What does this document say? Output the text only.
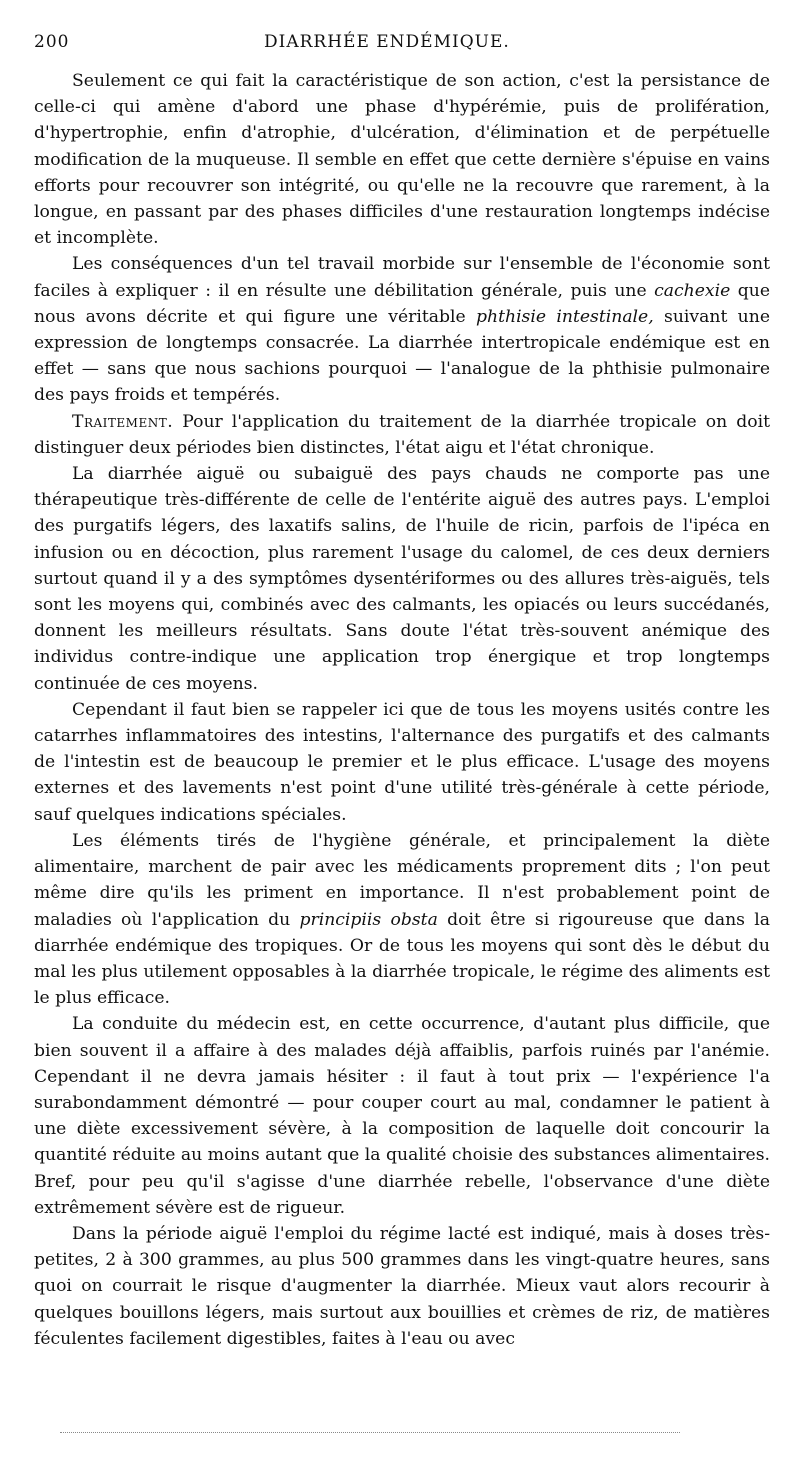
200	DIARRHÉE ENDÉMIQUE.

Seulement ce qui fait la caractéristique de son action, c'est la persistance de celle-ci qui amène d'abord une phase d'hypérémie, puis de prolifération, d'hypertrophie, enfin d'atrophie, d'ulcération, d'élimination et de perpétuelle modification de la muqueuse. Il semble en effet que cette dernière s'épuise en vains efforts pour recouvrer son intégrité, ou qu'elle ne la recouvre que rarement, à la longue, en passant par des phases difficiles d'une restauration longtemps indécise et incomplète.

Les conséquences d'un tel travail morbide sur l'ensemble de l'économie sont faciles à expliquer : il en résulte une débilitation générale, puis une cachexie que nous avons décrite et qui figure une véritable phthisie intestinale, suivant une expression de longtemps consacrée. La diarrhée intertropicale endémique est en effet — sans que nous sachions pourquoi — l'analogue de la phthisie pulmonaire des pays froids et tempérés.

Traitement. Pour l'application du traitement de la diarrhée tropicale on doit distinguer deux périodes bien distinctes, l'état aigu et l'état chronique.

La diarrhée aiguë ou subaiguë des pays chauds ne comporte pas une thérapeutique très-différente de celle de l'entérite aiguë des autres pays. L'emploi des purgatifs légers, des laxatifs salins, de l'huile de ricin, parfois de l'ipéca en infusion ou en décoction, plus rarement l'usage du calomel, de ces deux derniers surtout quand il y a des symptômes dysentériformes ou des allures très-aiguës, tels sont les moyens qui, combinés avec des calmants, les opiacés ou leurs succédanés, donnent les meilleurs résultats. Sans doute l'état très-souvent anémique des individus contre-indique une application trop énergique et trop longtemps continuée de ces moyens.

Cependant il faut bien se rappeler ici que de tous les moyens usités contre les catarrhes inflammatoires des intestins, l'alternance des purgatifs et des calmants de l'intestin est de beaucoup le premier et le plus efficace. L'usage des moyens externes et des lavements n'est point d'une utilité très-générale à cette période, sauf quelques indications spéciales.

Les éléments tirés de l'hygiène générale, et principalement la diète alimentaire, marchent de pair avec les médicaments proprement dits ; l'on peut même dire qu'ils les priment en importance. Il n'est probablement point de maladies où l'application du principiis obsta doit être si rigoureuse que dans la diarrhée endémique des tropiques. Or de tous les moyens qui sont dès le début du mal les plus utilement opposables à la diarrhée tropicale, le régime des aliments est le plus efficace.

La conduite du médecin est, en cette occurrence, d'autant plus difficile, que bien souvent il a affaire à des malades déjà affaiblis, parfois ruinés par l'anémie. Cependant il ne devra jamais hésiter : il faut à tout prix — l'expérience l'a surabondamment démontré — pour couper court au mal, condamner le patient à une diète excessivement sévère, à la composition de laquelle doit concourir la quantité réduite au moins autant que la qualité choisie des substances alimentaires. Bref, pour peu qu'il s'agisse d'une diarrhée rebelle, l'observance d'une diète extrêmement sévère est de rigueur.

Dans la période aiguë l'emploi du régime lacté est indiqué, mais à doses très-petites, 2 à 300 grammes, au plus 500 grammes dans les vingt-quatre heures, sans quoi on courrait le risque d'augmenter la diarrhée. Mieux vaut alors recourir à quelques bouillons légers, mais surtout aux bouillies et crèmes de riz, de matières féculentes facilement digestibles, faites à l'eau ou avec
